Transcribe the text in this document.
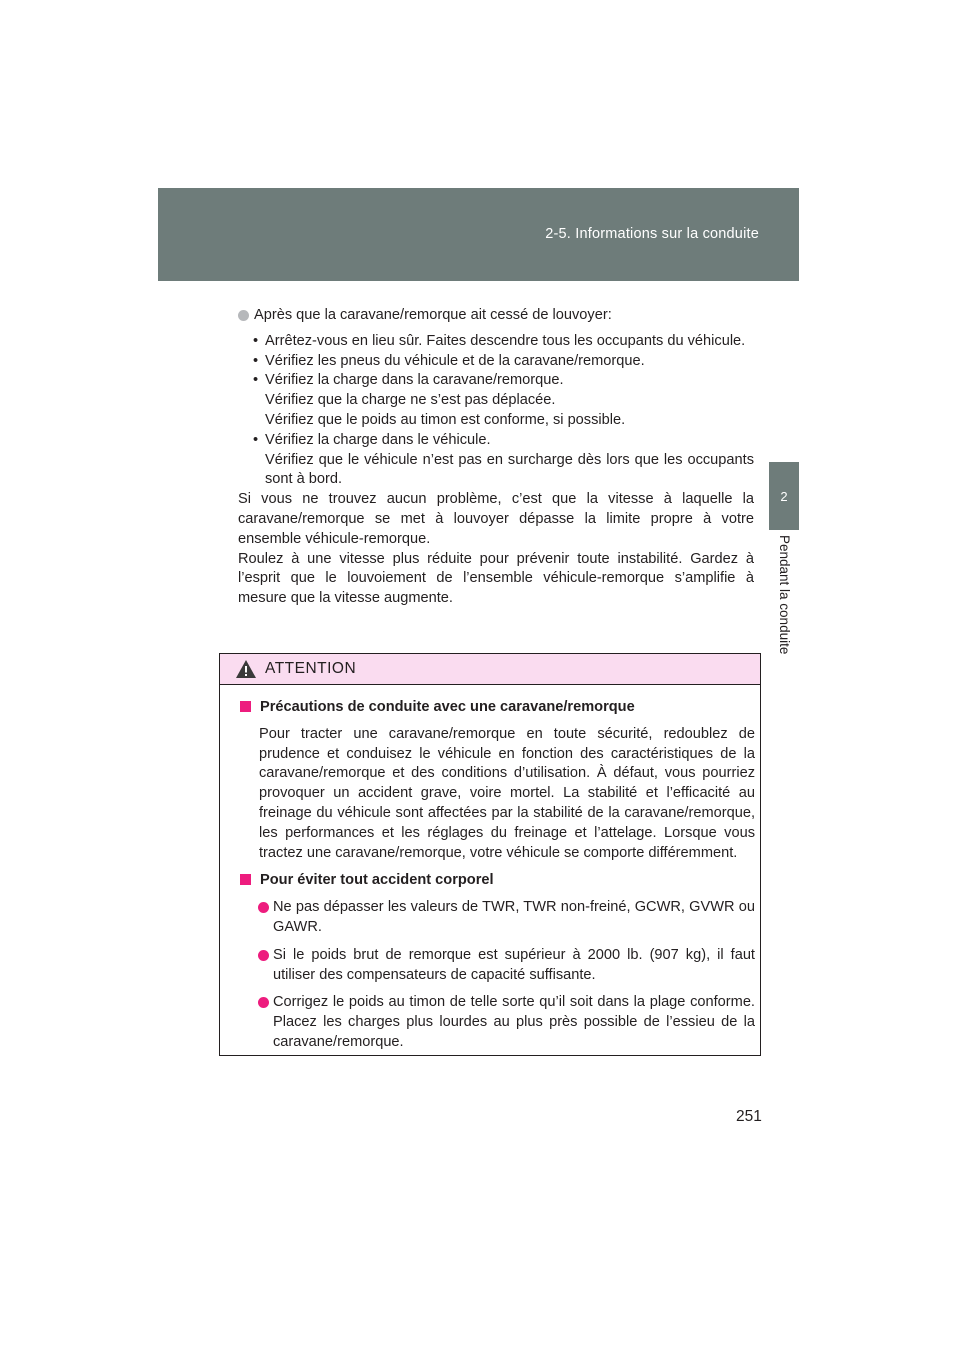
2-5. Informations sur la conduite
2
Pendant la conduite
Après que la caravane/remorque ait cessé de louvoyer:
• Arrêtez-vous en lieu sûr. Faites descendre tous les occupants du véhicule.
• Vérifiez les pneus du véhicule et de la caravane/remorque.
• Vérifiez la charge dans la caravane/remorque.
Vérifiez que la charge ne s’est pas déplacée.
Vérifiez que le poids au timon est conforme, si possible.
• Vérifiez la charge dans le véhicule.
Vérifiez que le véhicule n’est pas en surcharge dès lors que les occupants sont à bord.

Si vous ne trouvez aucun problème, c’est que la vitesse à laquelle la caravane/remorque se met à louvoyer dépasse la limite propre à votre ensemble véhicule-remorque.

Roulez à une vitesse plus réduite pour prévenir toute instabilité. Gardez à l’esprit que le louvoiement de l’ensemble véhicule-remorque s’amplifie à mesure que la vitesse augmente.

ATTENTION
Précautions de conduite avec une caravane/remorque

Pour tracter une caravane/remorque en toute sécurité, redoublez de prudence et conduisez le véhicule en fonction des caractéristiques de la caravane/remorque et des conditions d’utilisation. À défaut, vous pourriez provoquer un accident grave, voire mortel. La stabilité et l’efficacité au freinage du véhicule sont affectées par la stabilité de la caravane/remorque, les performances et les réglages du freinage et l’attelage. Lorsque vous tractez une caravane/remorque, votre véhicule se comporte différemment.

Pour éviter tout accident corporel
Ne pas dépasser les valeurs de TWR, TWR non-freiné, GCWR, GVWR ou GAWR.
Si le poids brut de remorque est supérieur à 2000 lb. (907 kg), il faut utiliser des compensateurs de capacité suffisante.
Corrigez le poids au timon de telle sorte qu’il soit dans la plage conforme. Placez les charges plus lourdes au plus près possible de l’essieu de la caravane/remorque.
251
